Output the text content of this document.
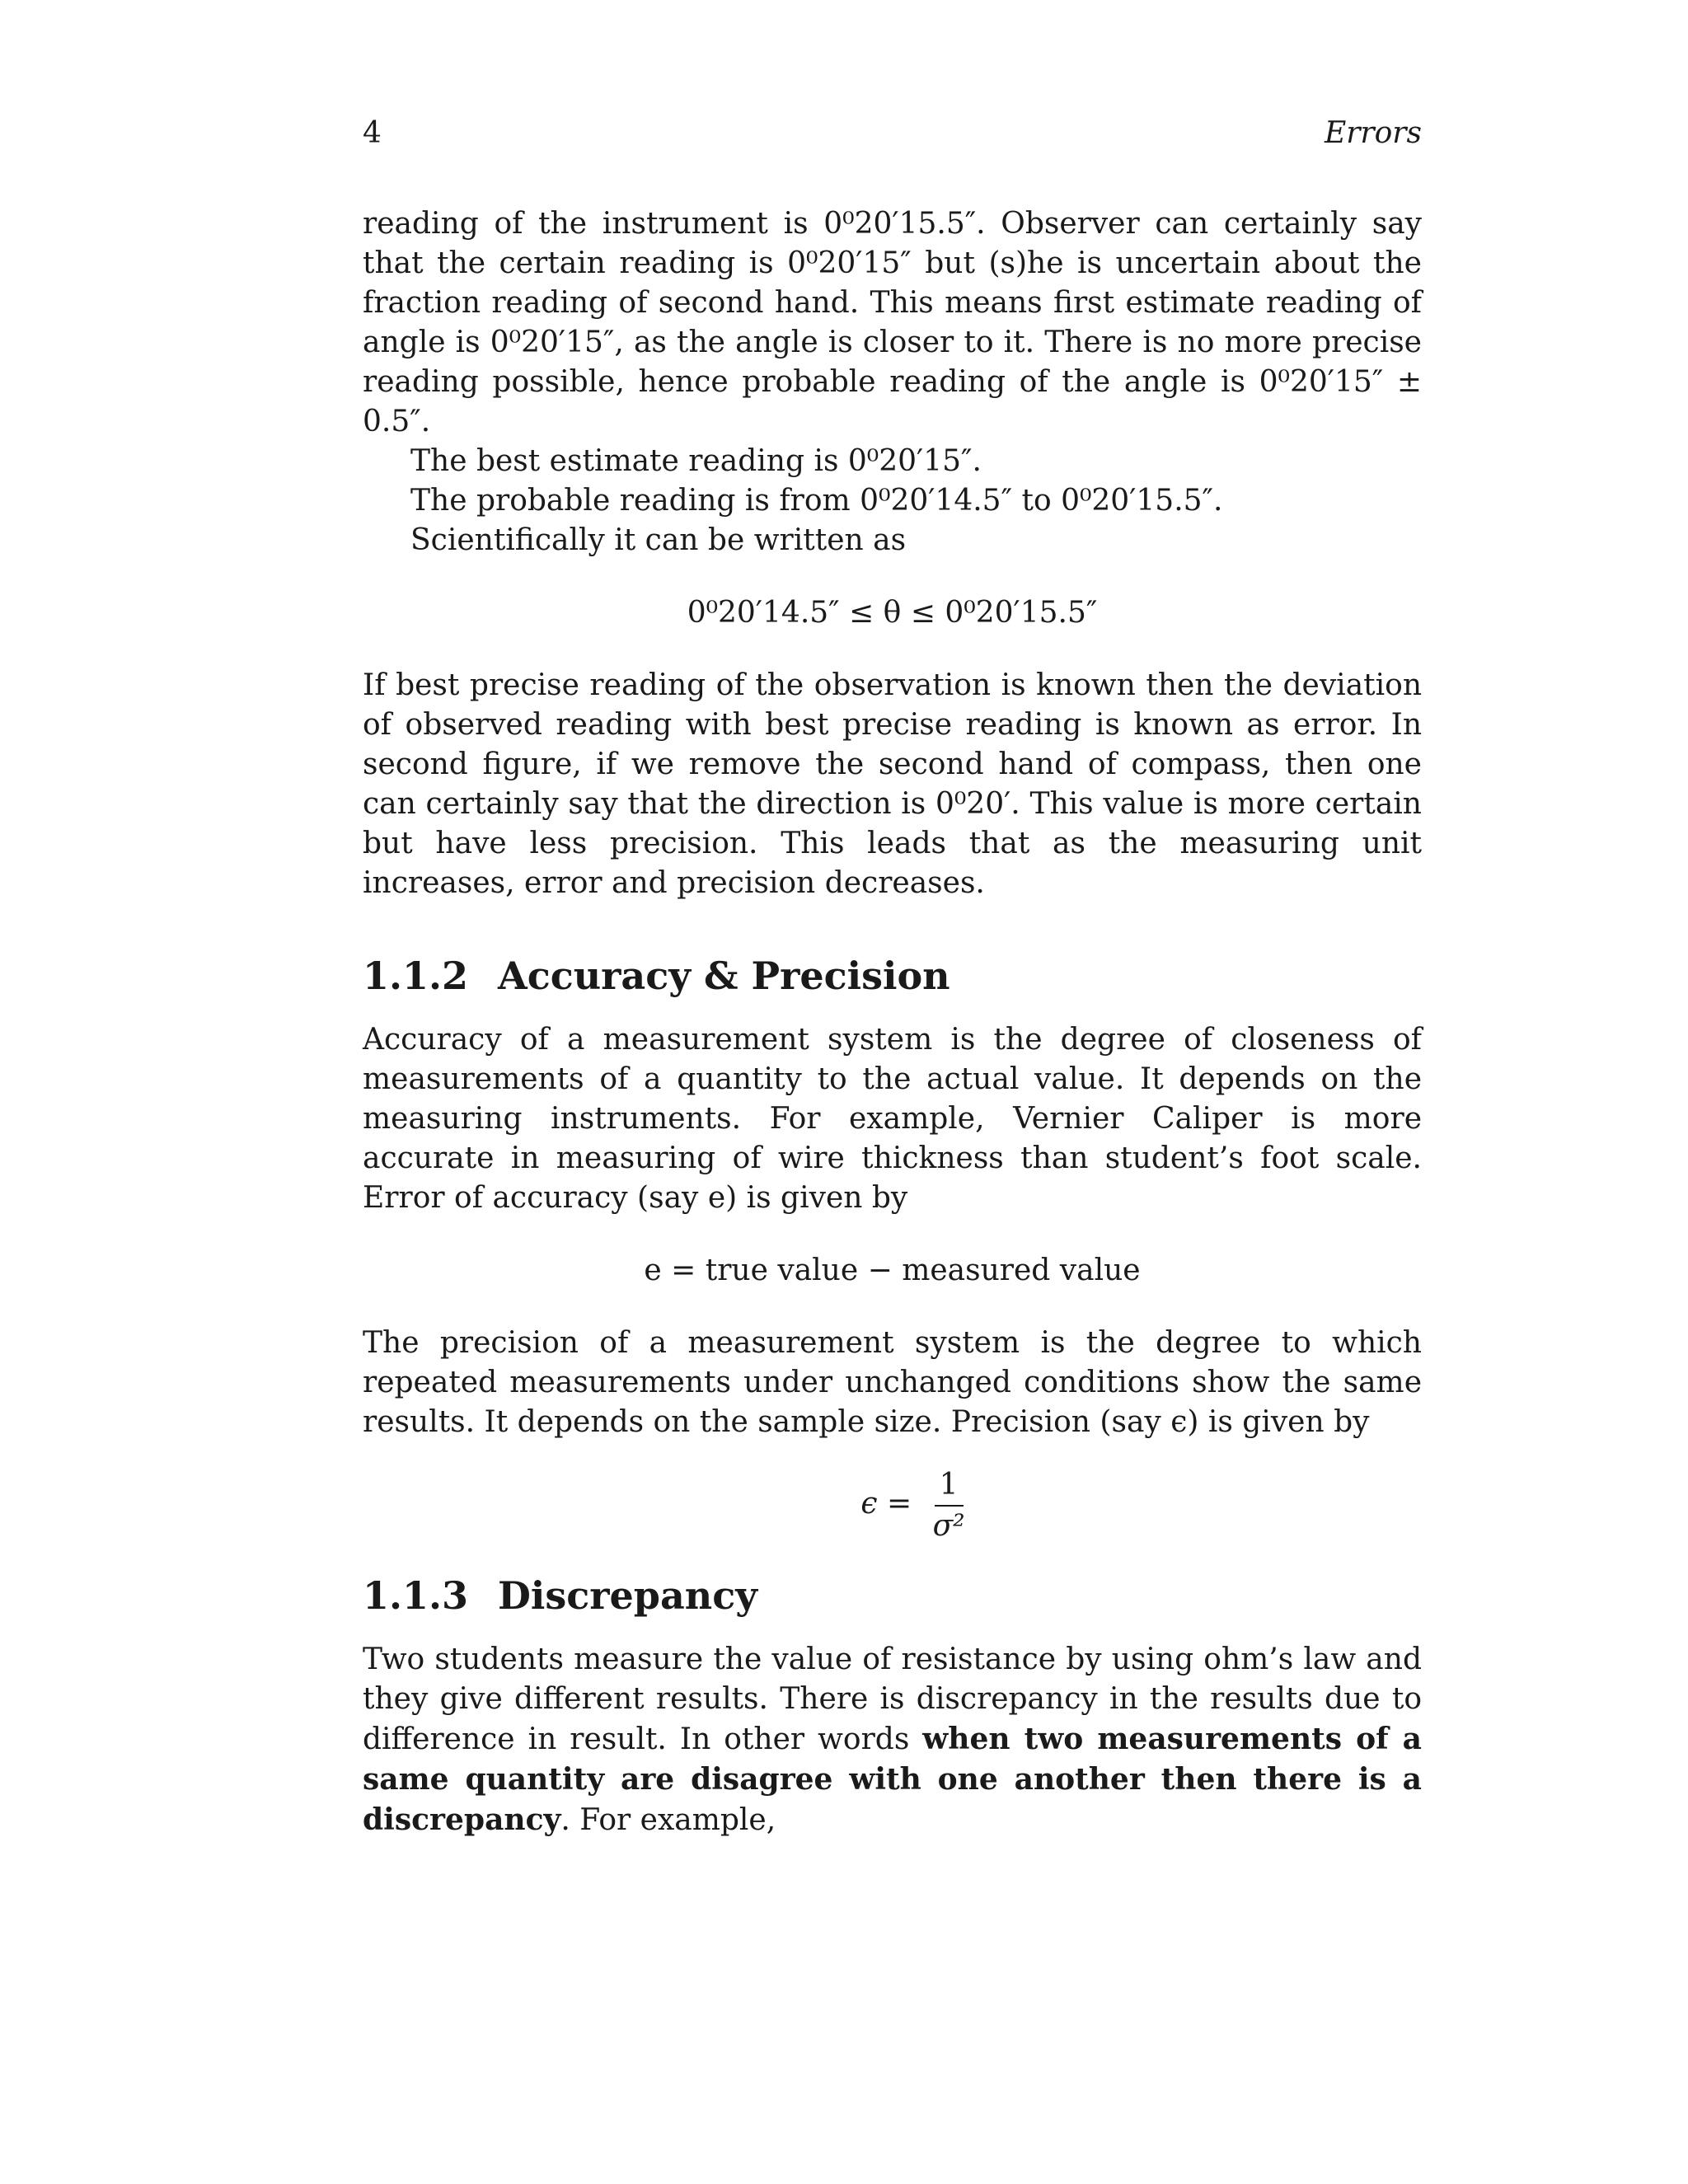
4	Errors

reading of the instrument is 0⁰20′15.5″. Observer can certainly say that the certain reading is 0⁰20′15″ but (s)he is uncertain about the fraction reading of second hand. This means first estimate reading of angle is 0⁰20′15″, as the angle is closer to it. There is no more precise reading possible, hence probable reading of the angle is 0⁰20′15″ ± 0.5″.

The best estimate reading is 0⁰20′15″.

The probable reading is from 0⁰20′14.5″ to 0⁰20′15.5″.

Scientifically it can be written as

0⁰20′14.5″ ≤ θ ≤ 0⁰20′15.5″

If best precise reading of the observation is known then the deviation of observed reading with best precise reading is known as error. In second figure, if we remove the second hand of compass, then one can certainly say that the direction is 0⁰20′. This value is more certain but have less precision. This leads that as the measuring unit increases, error and precision decreases.

1.1.2 Accuracy & Precision

Accuracy of a measurement system is the degree of closeness of measurements of a quantity to the actual value. It depends on the measuring instruments. For example, Vernier Caliper is more accurate in measuring of wire thickness than student’s foot scale. Error of accuracy (say e) is given by

e = true value − measured value

The precision of a measurement system is the degree to which repeated measurements under unchanged conditions show the same results. It depends on the sample size. Precision (say ϵ) is given by

$\epsilon = \frac{1}{\text{σ²}}$
1.1.3 Discrepancy

Two students measure the value of resistance by using ohm’s law and they give different results. There is discrepancy in the results due to difference in result. In other words when two measurements of a same quantity are disagree with one another then there is a discrepancy. For example,
